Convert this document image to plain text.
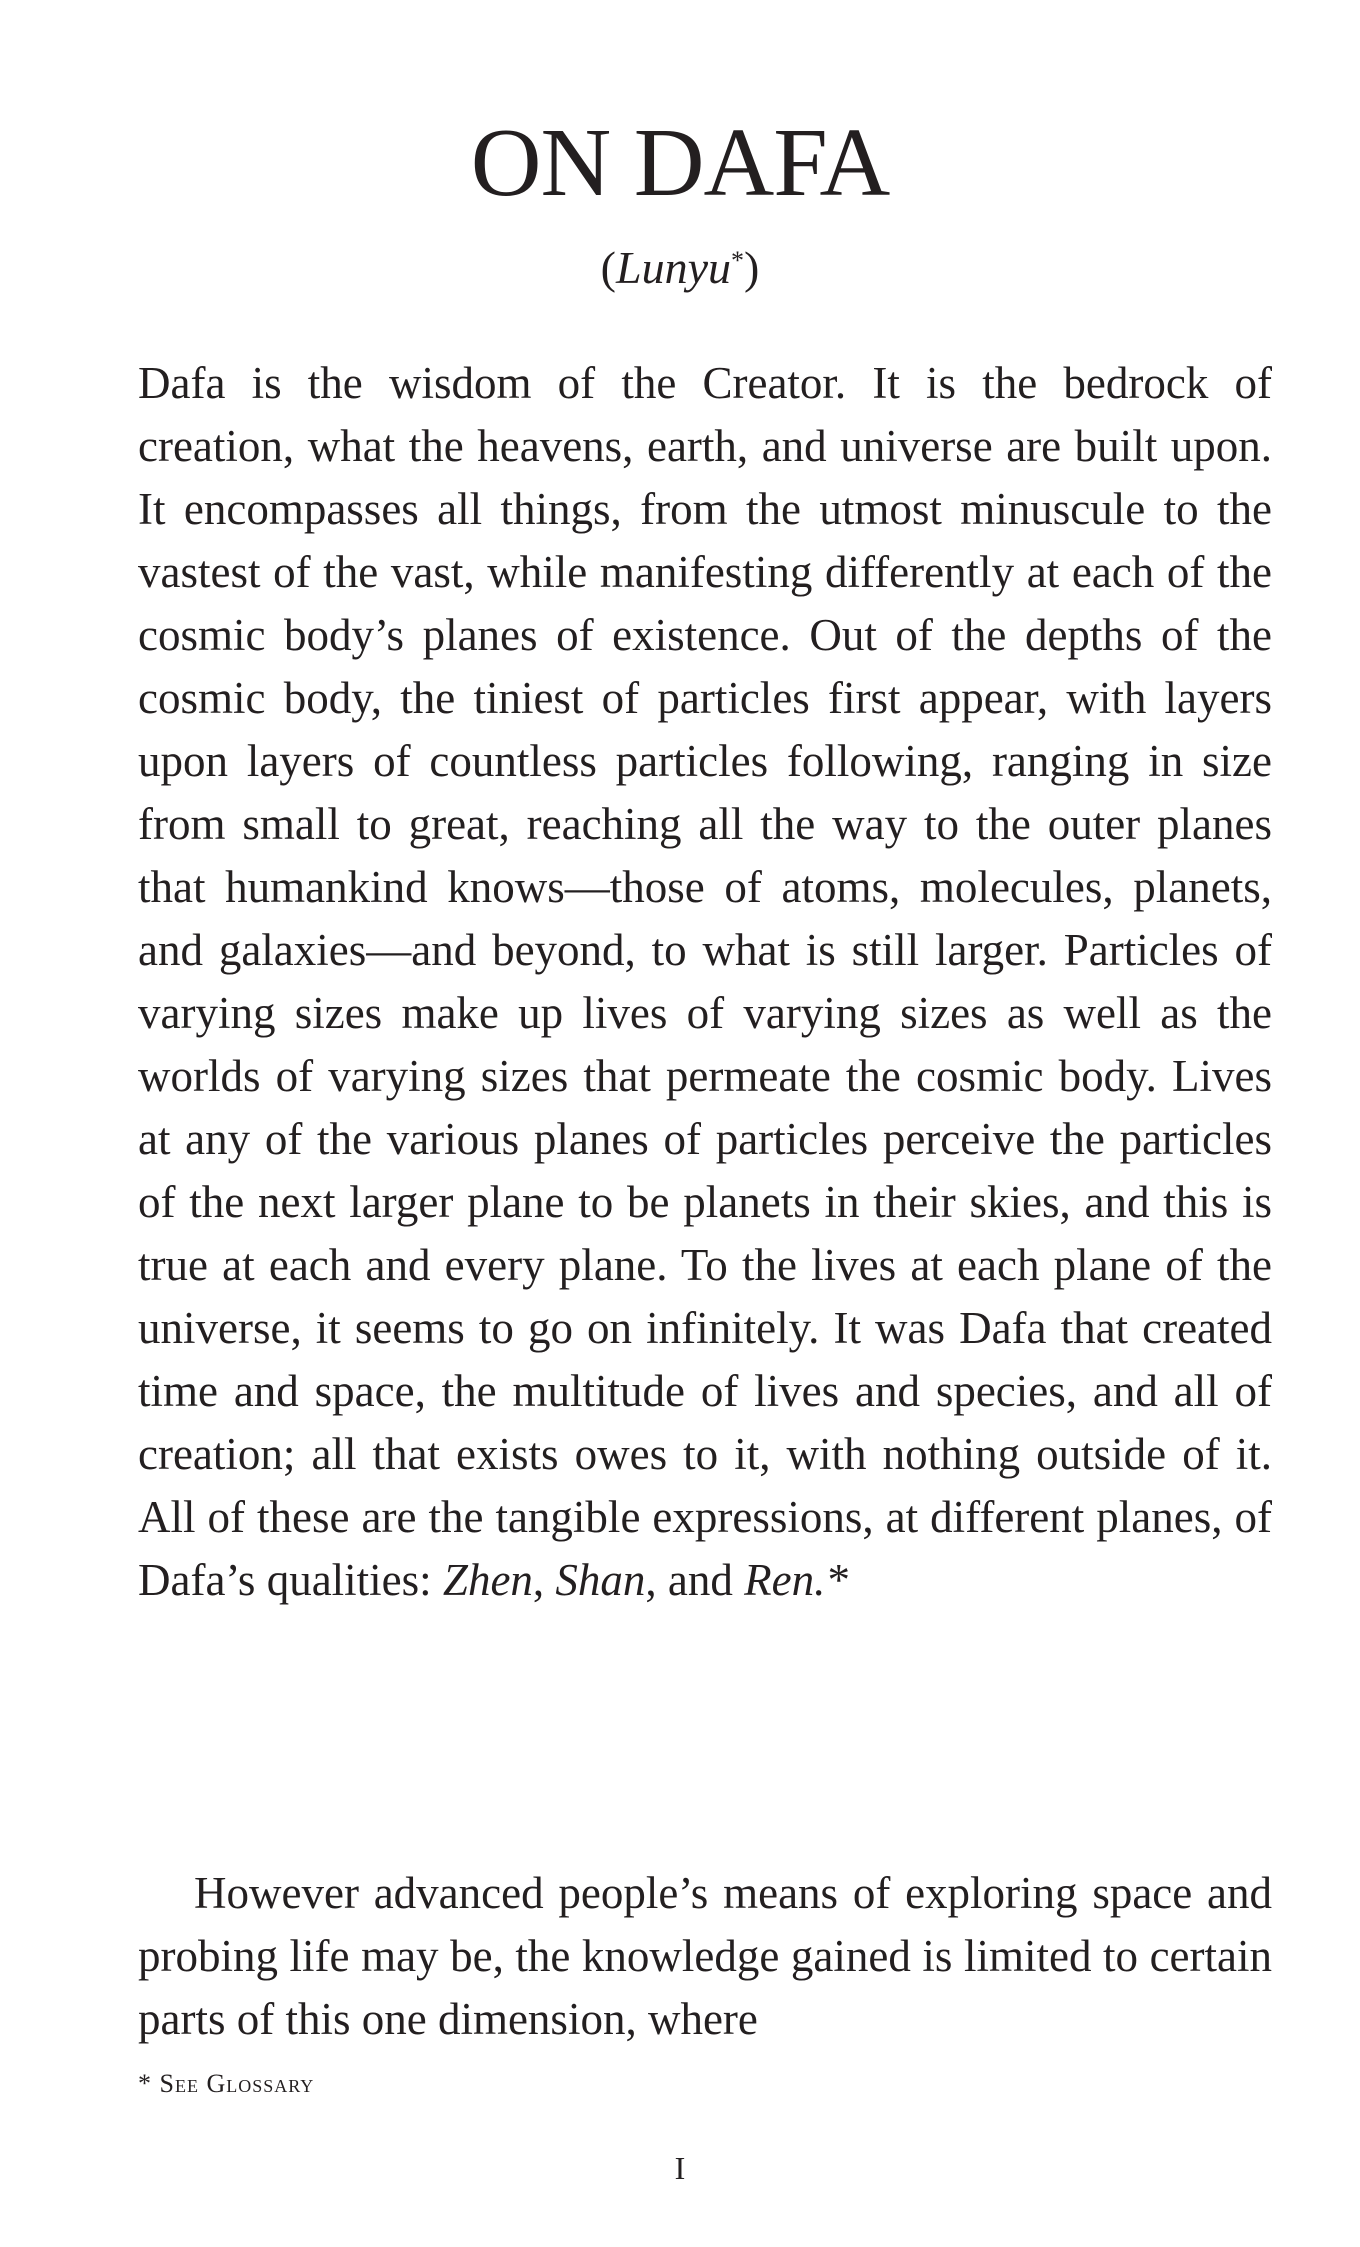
ON DAFA

(Lunyu*)

Dafa is the wisdom of the Creator. It is the bedrock of creation, what the heavens, earth, and universe are built upon. It encompasses all things, from the utmost minuscule to the vastest of the vast, while manifesting differently at each of the cosmic body’s planes of existence. Out of the depths of the cosmic body, the tiniest of particles first appear, with layers upon layers of countless particles following, ranging in size from small to great, reaching all the way to the outer planes that humankind knows—those of atoms, molecules, planets, and galaxies—and beyond, to what is still larger. Particles of varying sizes make up lives of varying sizes as well as the worlds of varying sizes that permeate the cosmic body. Lives at any of the various planes of particles perceive the particles of the next larger plane to be planets in their skies, and this is true at each and every plane. To the lives at each plane of the universe, it seems to go on infinitely. It was Dafa that created time and space, the multitude of lives and species, and all of creation; all that exists owes to it, with nothing outside of it. All of these are the tangible expressions, at different planes, of Dafa’s qualities: Zhen, Shan, and Ren.*

However advanced people’s means of exploring space and probing life may be, the knowledge gained is limited to certain parts of this one dimension, where

* See Glossary

I
